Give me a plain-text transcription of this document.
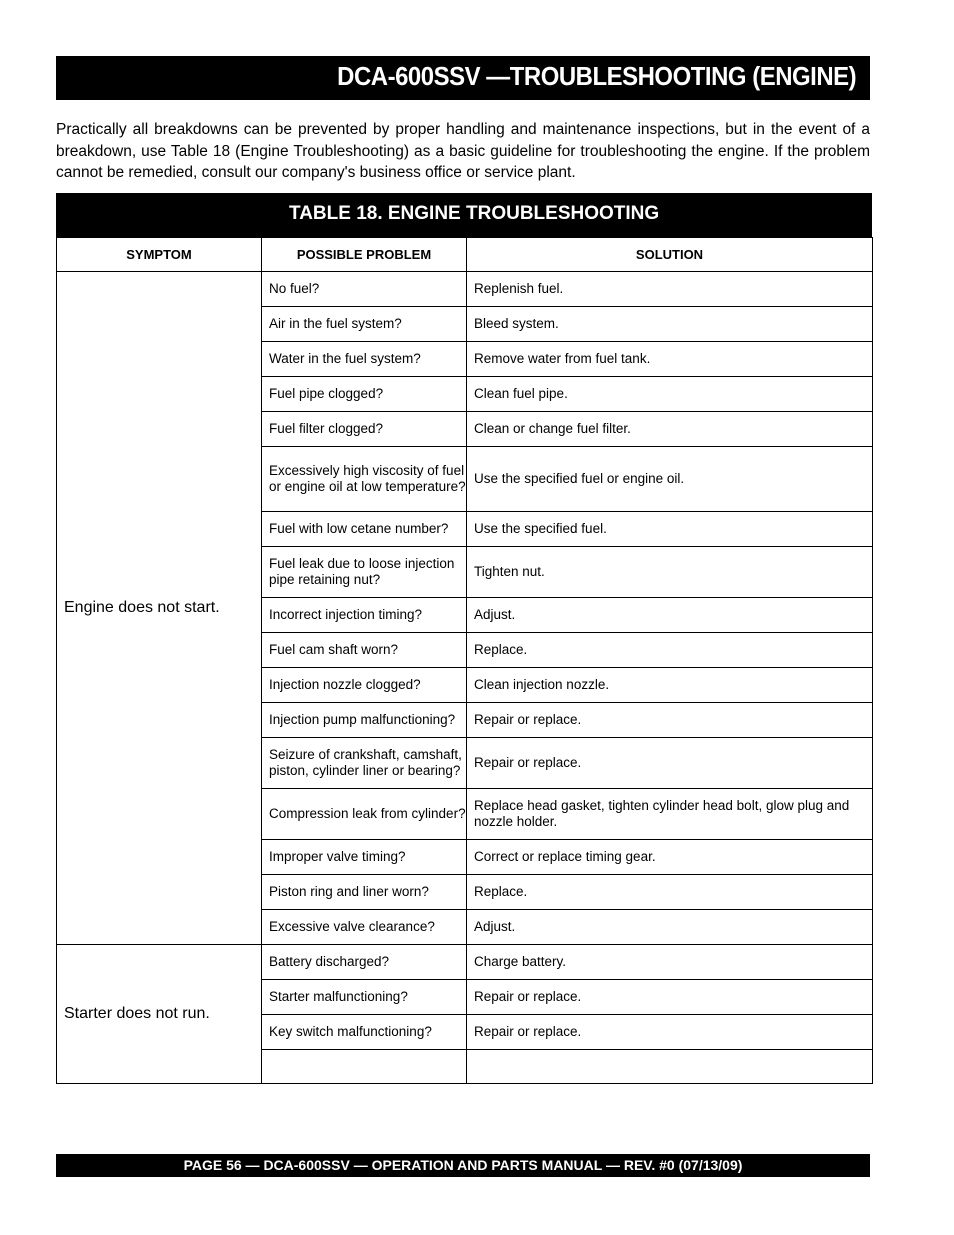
DCA-600SSV —TROUBLESHOOTING (ENGINE)
Practically all breakdowns can be prevented by proper handling and maintenance inspections, but in the event of a breakdown, use Table 18 (Engine Troubleshooting) as a basic guideline for troubleshooting the engine. If the problem cannot be remedied, consult our company's business office or service plant.
TABLE 18. ENGINE TROUBLESHOOTING
SYMPTOM	POSSIBLE PROBLEM	SOLUTION
Engine does not start.	No fuel?	Replenish fuel.
	Air in the fuel system?	Bleed system.
	Water in the fuel system?	Remove water from fuel tank.
	Fuel pipe clogged?	Clean fuel pipe.
	Fuel filter clogged?	Clean or change fuel filter.
	Excessively high viscosity of fuel or engine oil at low temperature?	Use the specified fuel or engine oil.
	Fuel with low cetane number?	Use the specified fuel.
	Fuel leak due to loose injection pipe retaining nut?	Tighten nut.
	Incorrect injection timing?	Adjust.
	Fuel cam shaft worn?	Replace.
	Injection nozzle clogged?	Clean injection nozzle.
	Injection pump malfunctioning?	Repair or replace.
	Seizure of crankshaft, camshaft, piston, cylinder liner or bearing?	Repair or replace.
	Compression leak from cylinder?	Replace head gasket, tighten cylinder head bolt, glow plug and nozzle holder.
	Improper valve timing?	Correct or replace timing gear.
	Piston ring and liner worn?	Replace.
	Excessive valve clearance?	Adjust.
Starter does not run.	Battery discharged?	Charge battery.
	Starter malfunctioning?	Repair or replace.
	Key switch malfunctioning?	Repair or replace.

PAGE 56 — DCA-600SSV — OPERATION AND PARTS MANUAL — REV. #0 (07/13/09)
